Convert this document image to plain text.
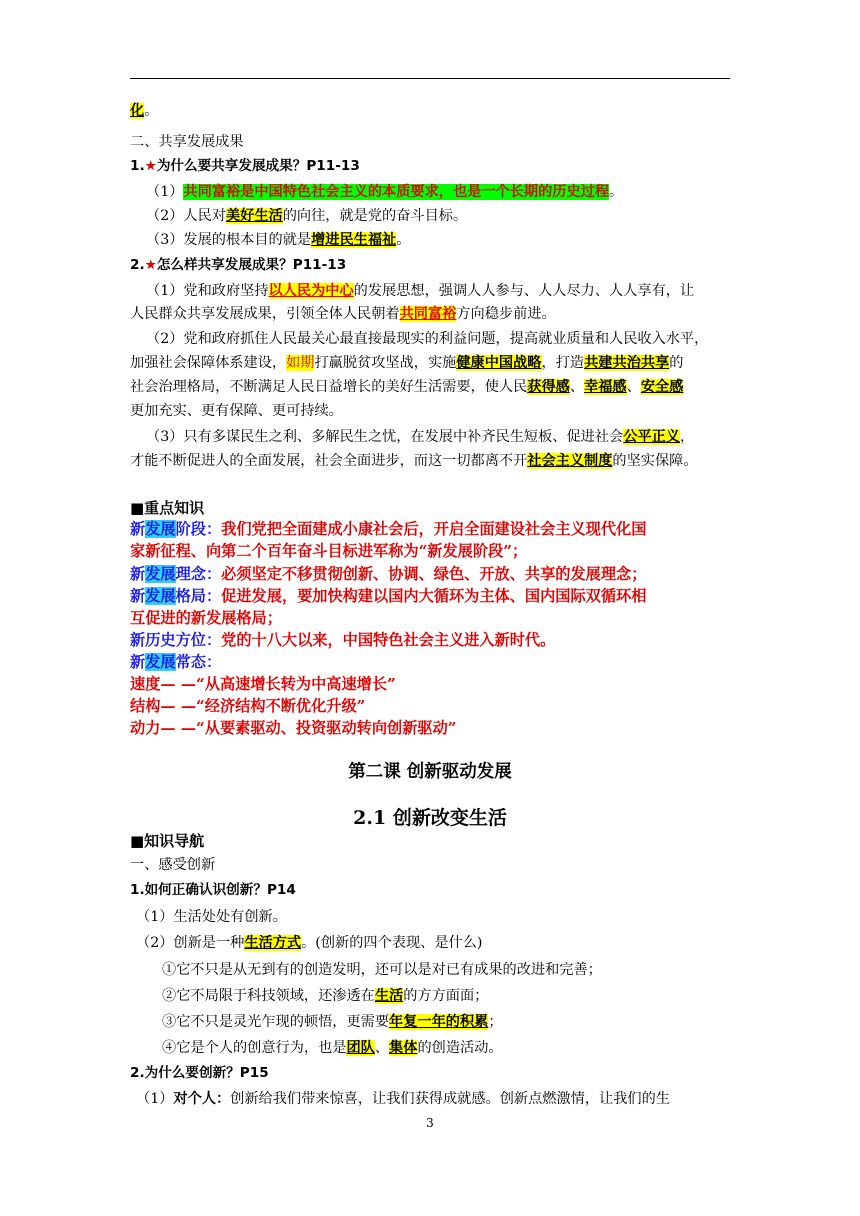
化。
二、共享发展成果
1.★为什么要共享发展成果？P11-13
（1）共同富裕是中国特色社会主义的本质要求，也是一个长期的历史过程。
（2）人民对美好生活的向往，就是党的奋斗目标。
（3）发展的根本目的就是增进民生福祉。
2.★怎么样共享发展成果？P11-13
（1）党和政府坚持以人民为中心的发展思想，强调人人参与、人人尽力、人人享有，让
人民群众共享发展成果，引领全体人民朝着共同富裕方向稳步前进。
（2）党和政府抓住人民最关心最直接最现实的利益问题，提高就业质量和人民收入水平，
加强社会保障体系建设，如期打赢脱贫攻坚战，实施健康中国战略，打造共建共治共享的
社会治理格局，不断满足人民日益增长的美好生活需要，使人民获得感、幸福感、安全感
更加充实、更有保障、更可持续。
（3）只有多谋民生之利、多解民生之忧，在发展中补齐民生短板、促进社会公平正义，
才能不断促进人的全面发展，社会全面进步，而这一切都离不开社会主义制度的坚实保障。
■重点知识
新发展阶段：我们党把全面建成小康社会后，开启全面建设社会主义现代化国
家新征程、向第二个百年奋斗目标进军称为“新发展阶段”；
新发展理念：必须坚定不移贯彻创新、协调、绿色、开放、共享的发展理念；
新发展格局：促进发展，要加快构建以国内大循环为主体、国内国际双循环相
互促进的新发展格局；
新历史方位：党的十八大以来，中国特色社会主义进入新时代。
新发展常态：
速度— —“从高速增长转为中高速增长”
结构— —“经济结构不断优化升级”
动力— —“从要素驱动、投资驱动转向创新驱动”
第二课 创新驱动发展
2.1 创新改变生活
■知识导航
一、感受创新
1.如何正确认识创新？P14
（1）生活处处有创新。
（2）创新是一种生活方式。(创新的四个表现、是什么)
①它不只是从无到有的创造发明，还可以是对已有成果的改进和完善；
②它不局限于科技领域，还渗透在生活的方方面面；
③它不只是灵光乍现的顿悟，更需要年复一年的积累；
④它是个人的创意行为，也是团队、集体的创造活动。
2.为什么要创新？P15
（1）对个人：创新给我们带来惊喜，让我们获得成就感。创新点燃激情，让我们的生
3
